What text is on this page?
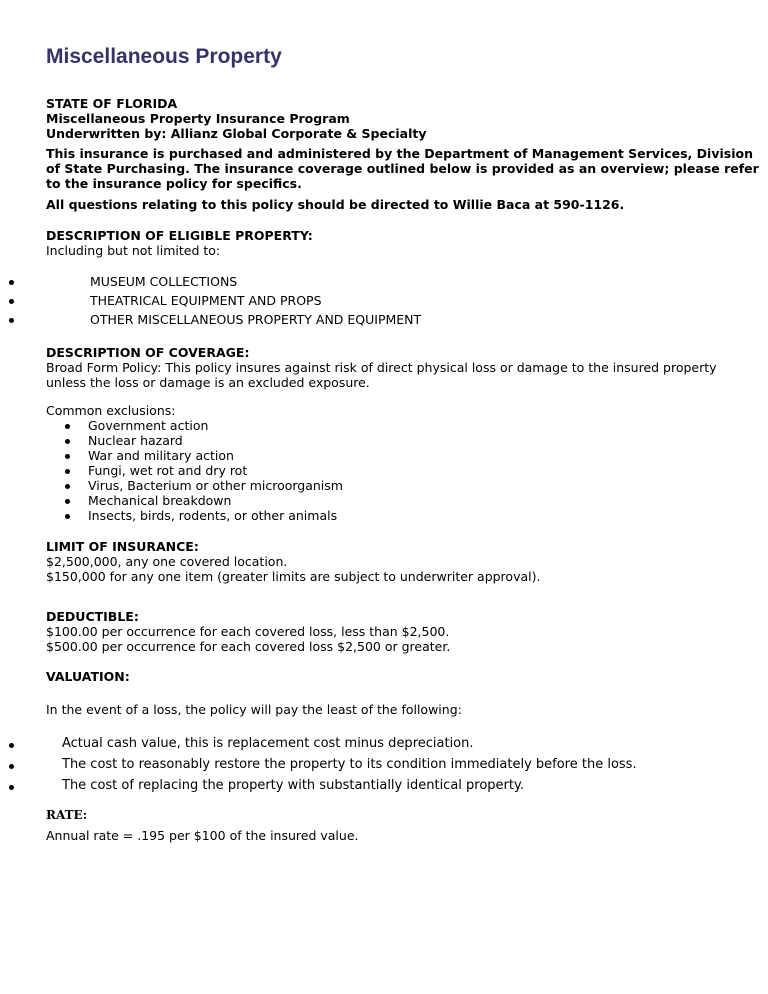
Miscellaneous Property
STATE OF FLORIDA
Miscellaneous Property Insurance Program
Underwritten by: Allianz Global Corporate & Specialty
This insurance is purchased and administered by the Department of Management Services, Division
of State Purchasing. The insurance coverage outlined below is provided as an overview; please refer
to the insurance policy for specifics.
All questions relating to this policy should be directed to Willie Baca at 590-1126.
DESCRIPTION OF ELIGIBLE PROPERTY:
Including but not limited to:
MUSEUM COLLECTIONS
THEATRICAL EQUIPMENT AND PROPS
OTHER MISCELLANEOUS PROPERTY AND EQUIPMENT
DESCRIPTION OF COVERAGE:
Broad Form Policy: This policy insures against risk of direct physical loss or damage to the insured property
unless the loss or damage is an excluded exposure.
Common exclusions:
Government action
Nuclear hazard
War and military action
Fungi, wet rot and dry rot
Virus, Bacterium or other microorganism
Mechanical breakdown
Insects, birds, rodents, or other animals
LIMIT OF INSURANCE:
$2,500,000, any one covered location.
$150,000 for any one item (greater limits are subject to underwriter approval).
DEDUCTIBLE:
$100.00 per occurrence for each covered loss, less than $2,500.
$500.00 per occurrence for each covered loss $2,500 or greater.
VALUATION:
In the event of a loss, the policy will pay the least of the following:
Actual cash value, this is replacement cost minus depreciation.
The cost to reasonably restore the property to its condition immediately before the loss.
The cost of replacing the property with substantially identical property.
RATE:
Annual rate = .195 per $100 of the insured value.
